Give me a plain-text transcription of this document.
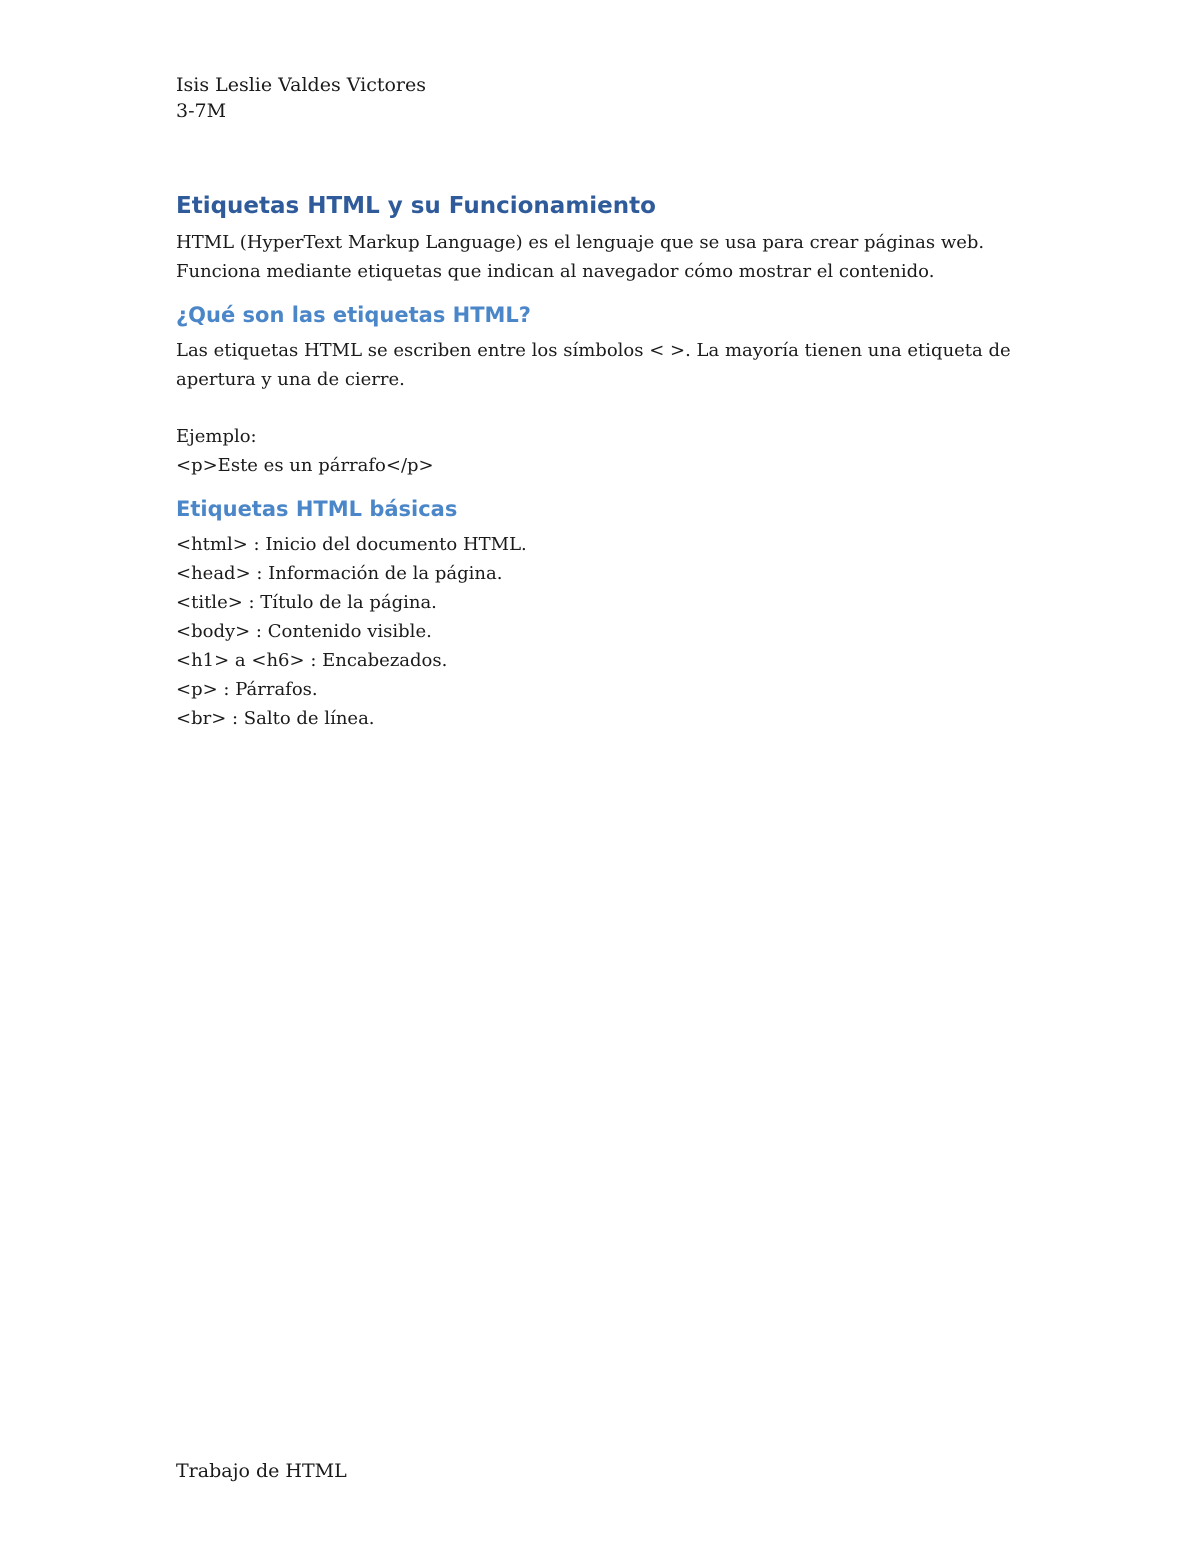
Isis Leslie Valdes Victores
3-7M
Etiquetas HTML y su Funcionamiento

HTML (HyperText Markup Language) es el lenguaje que se usa para crear páginas web.

Funciona mediante etiquetas que indican al navegador cómo mostrar el contenido.

¿Qué son las etiquetas HTML?

Las etiquetas HTML se escriben entre los símbolos < >. La mayoría tienen una etiqueta de

apertura y una de cierre.

Ejemplo:

<p>Este es un párrafo</p>

Etiquetas HTML básicas

<html> : Inicio del documento HTML.

<head> : Información de la página.

<title> : Título de la página.

<body> : Contenido visible.

<h1> a <h6> : Encabezados.

<p> : Párrafos.

<br> : Salto de línea.

Trabajo de HTML
